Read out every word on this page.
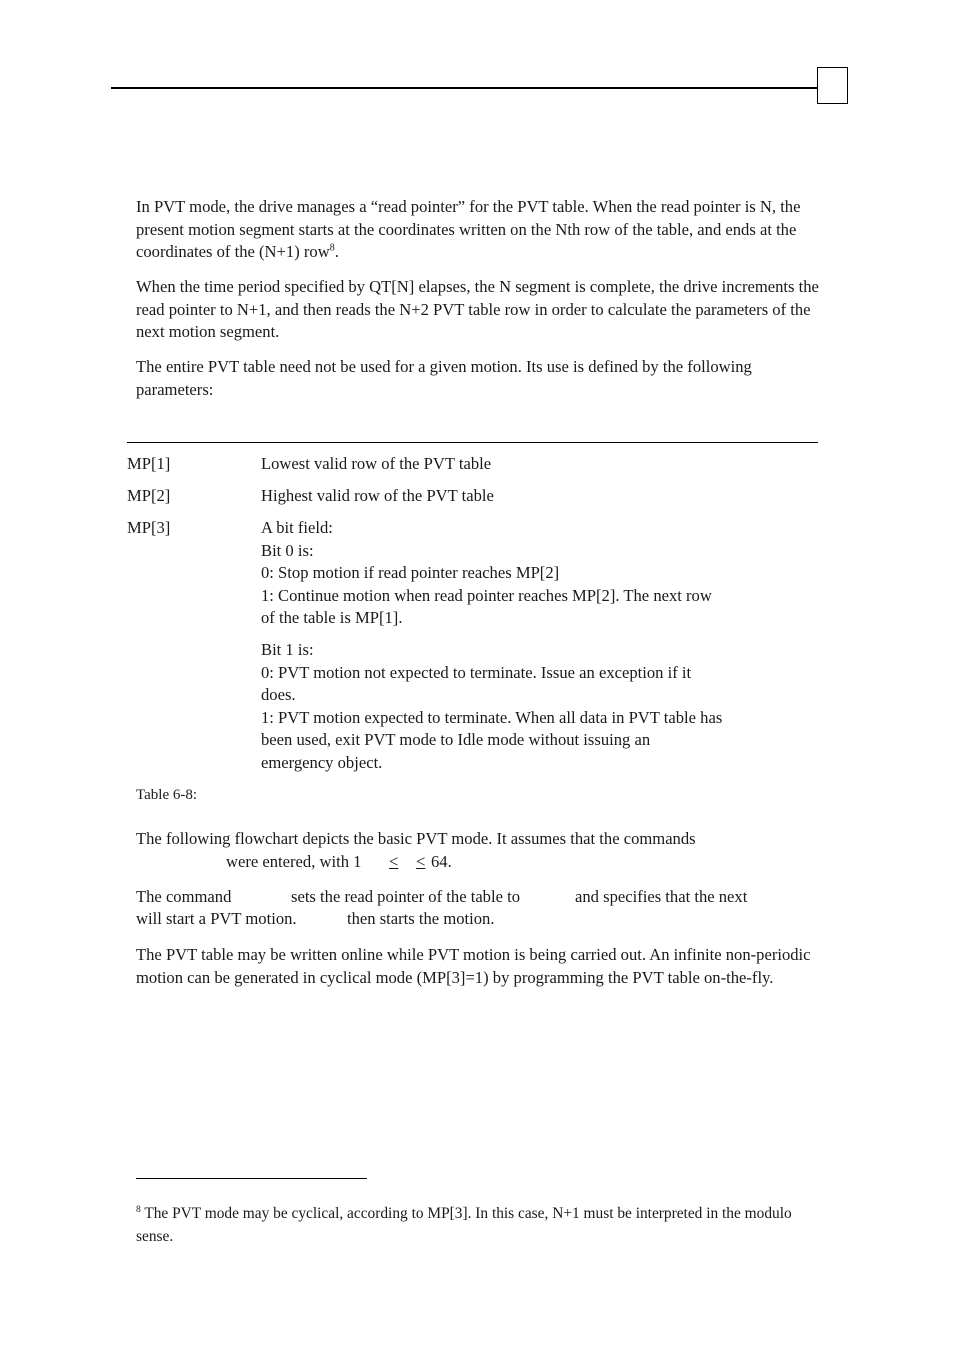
In PVT mode, the drive manages a “read pointer” for the PVT table. When the read pointer is N, the present motion segment starts at the coordinates written on the Nth row of the table, and ends at the coordinates of the (N+1) row$^8$.

When the time period specified by QT[N] elapses, the N segment is complete, the drive increments the read pointer to N+1, and then reads the N+2 PVT table row in order to calculate the parameters of the next motion segment.

The entire PVT table need not be used for a given motion. Its use is defined by the following parameters:

MP[1]	Lowest valid row of the PVT table
MP[2]	Highest valid row of the PVT table
MP[3]	A bit field:
Bit 0 is:
0: Stop motion if read pointer reaches MP[2]
1: Continue motion when read pointer reaches MP[2]. The next row
of the table is MP[1].
Bit 1 is:
0: PVT motion not expected to terminate. Issue an exception if it
does.
1: PVT motion expected to terminate. When all data in PVT table has
been used, exit PVT mode to Idle mode without issuing an
emergency object.
Table 6-8:
The following flowchart depicts the basic PVT mode. It assumes that the commands
were entered, with 1 < < 64.
The command	sets the read pointer of the table to	and specifies that the next
will start a PVT motion.	then starts the motion.

The PVT table may be written online while PVT motion is being carried out. An infinite non-periodic motion can be generated in cyclical mode (MP[3]=1) by programming the PVT table on-the-fly.

$^8$ The PVT mode may be cyclical, according to MP[3]. In this case, N+1 must be interpreted in the modulo sense.
